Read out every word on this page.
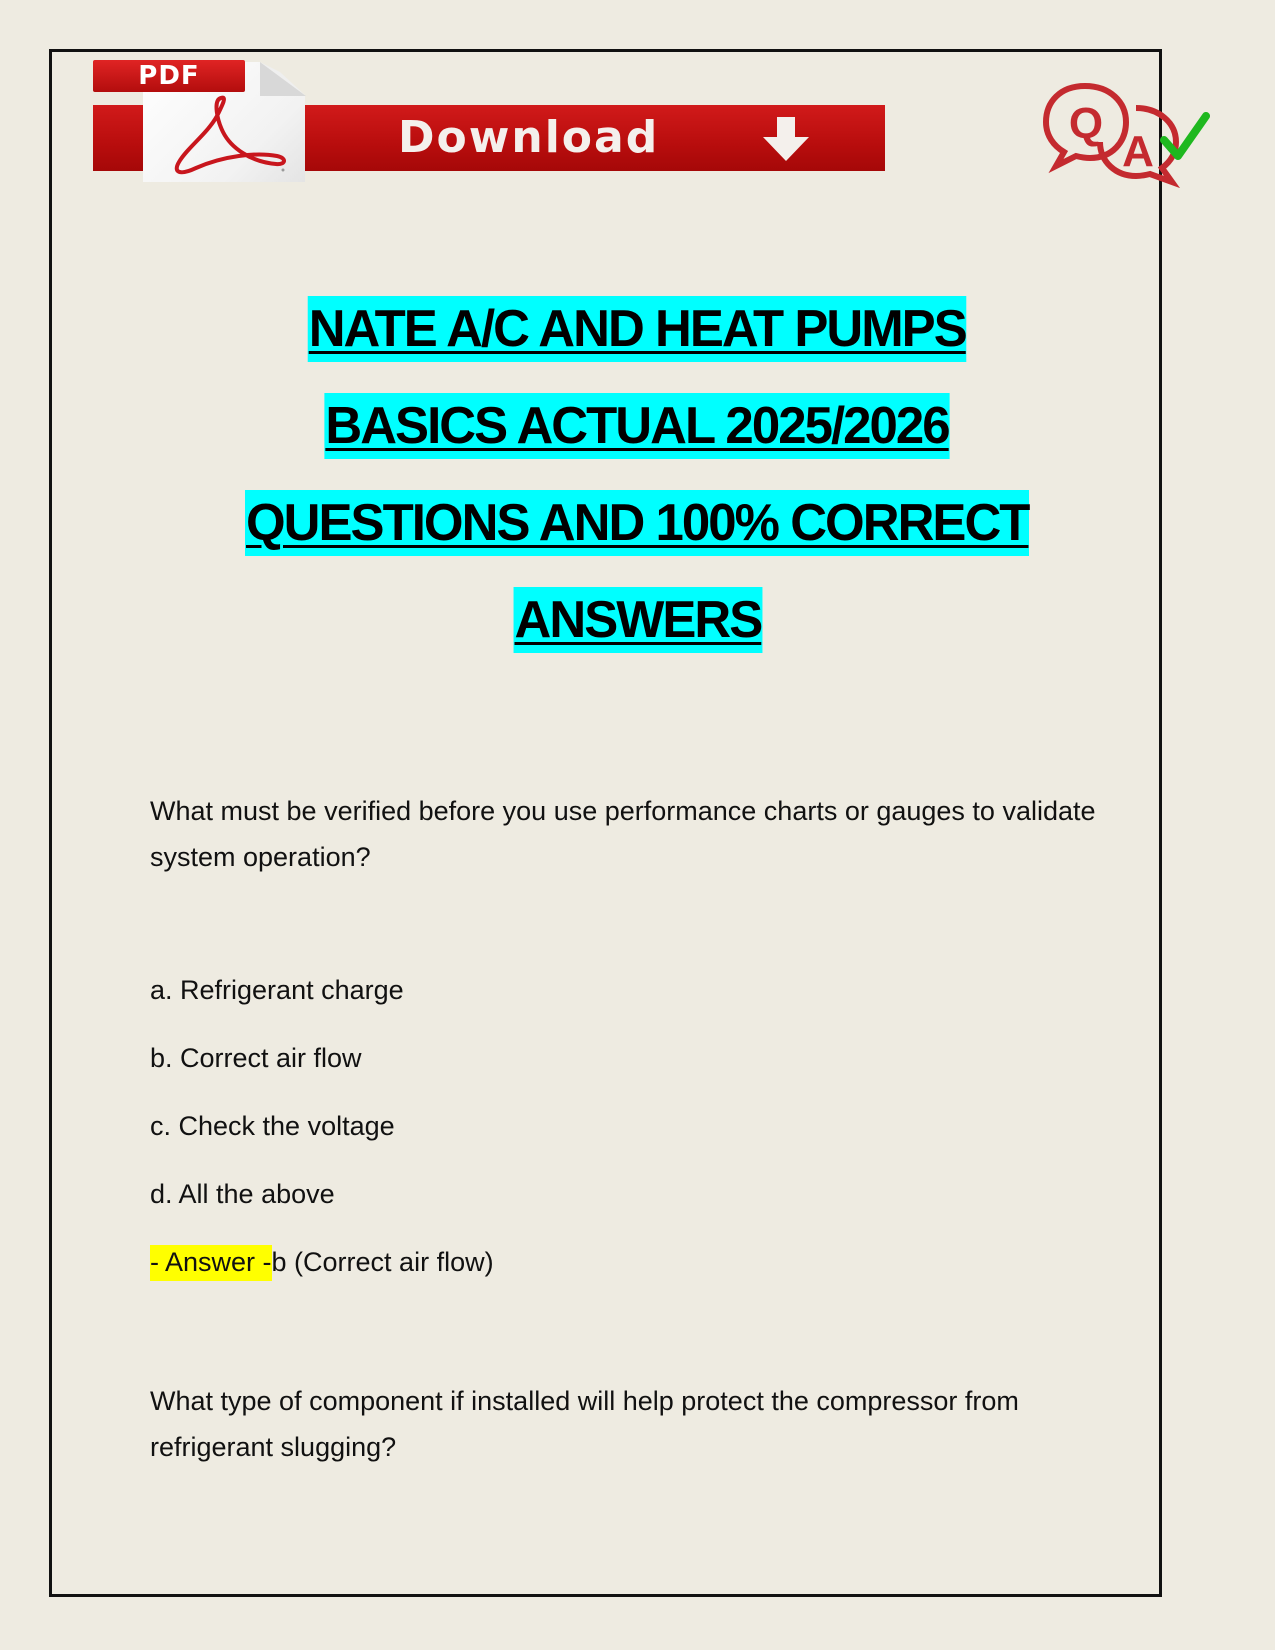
Download
PDF
Q
A
NATE A/C AND HEAT PUMPS
BASICS ACTUAL 2025/2026
QUESTIONS AND 100% CORRECT
ANSWERS

What must be verified before you use performance charts or gauges to validate system operation?

a. Refrigerant charge

b. Correct air flow

c. Check the voltage

d. All the above

- Answer -b (Correct air flow)

What type of component if installed will help protect the compressor from refrigerant slugging?
